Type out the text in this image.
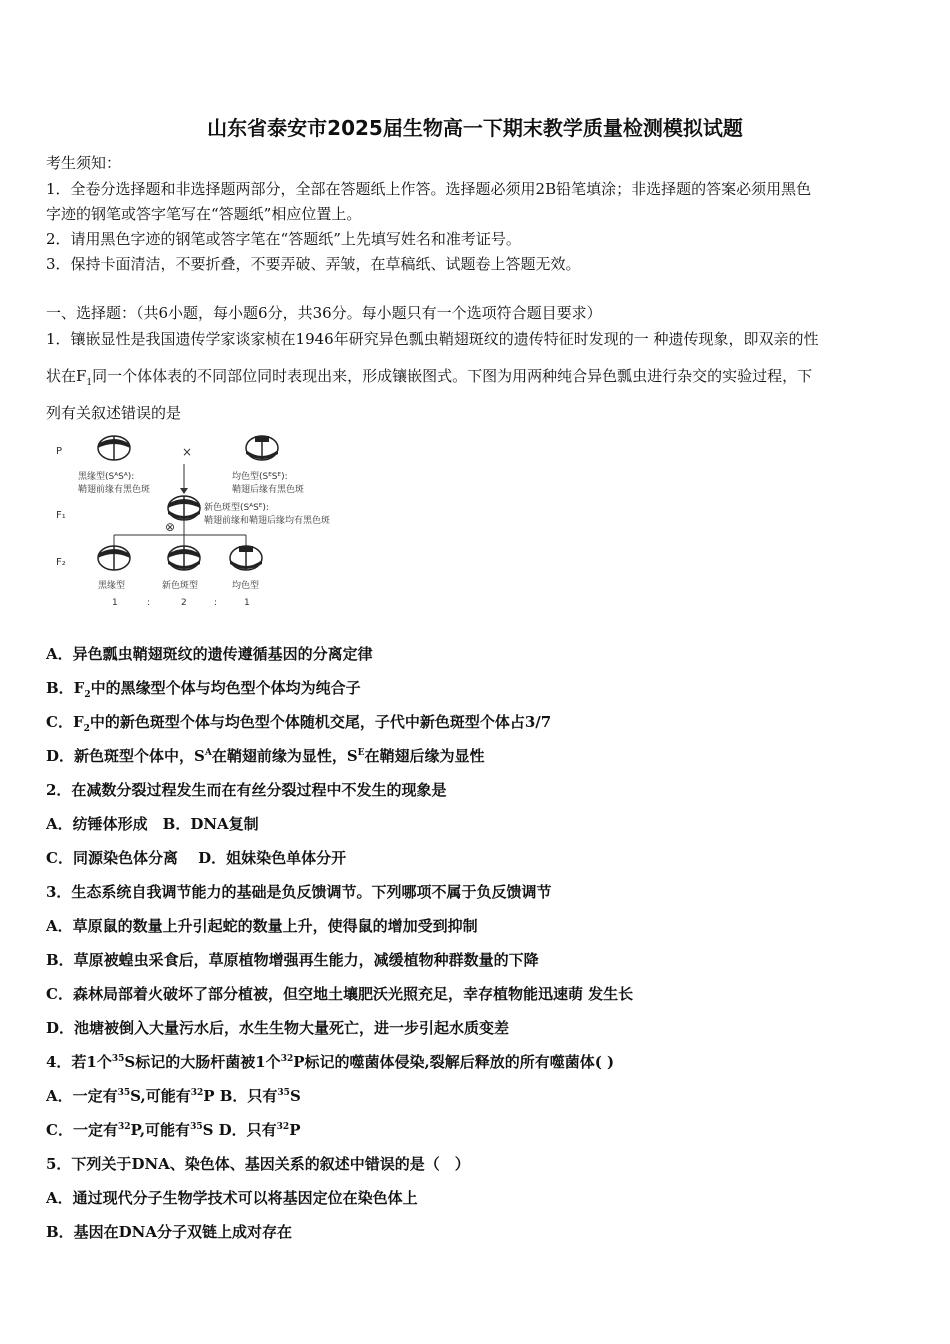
山东省泰安市2025届生物高一下期末教学质量检测模拟试题
考生须知：
1．全卷分选择题和非选择题两部分，全部在答题纸上作答。选择题必须用2B铅笔填涂；非选择题的答案必须用黑色
字迹的钢笔或答字笔写在“答题纸”相应位置上。
2．请用黑色字迹的钢笔或答字笔在“答题纸”上先填写姓名和准考证号。
3．保持卡面清洁，不要折叠，不要弄破、弄皱，在草稿纸、试题卷上答题无效。
一、选择题：（共6小题，每小题6分，共36分。每小题只有一个选项符合题目要求）
1．镶嵌显性是我国遗传学家谈家桢在1946年研究异色瓢虫鞘翅斑纹的遗传特征时发现的一 种遗传现象，即双亲的性
状在$F_1$同一个体体表的不同部位同时表现出来，形成镶嵌图式。下图为用两种纯合异色瓢虫进行杂交的实验过程，下
列有关叙述错误的是
P
F₁
F₂
×
黑缘型(SᴬSᴬ):
鞘翅前缘有黑色斑
均色型(SᴱSᴱ):
鞘翅后缘有黑色斑
新色斑型(SᴬSᴱ):
鞘翅前缘和鞘翅后缘均有黑色斑
⊗
黑缘型	新色斑型	均色型
1	:	2	:	1
A．异色瓢虫鞘翅斑纹的遗传遵循基因的分离定律
B．$F_2$中的黑缘型个体与均色型个体均为纯合子
C．$F_2$中的新色斑型个体与均色型个体随机交尾，子代中新色斑型个体占3/7
D．新色斑型个体中，$S^A$在鞘翅前缘为显性，$S^E$在鞘翅后缘为显性
2．在减数分裂过程发生而在有丝分裂过程中不发生的现象是
A．纺锤体形成　B．DNA复制
C．同源染色体分离　 D．姐妹染色单体分开
3．生态系统自我调节能力的基础是负反馈调节。下列哪项不属于负反馈调节
A．草原鼠的数量上升引起蛇的数量上升，使得鼠的增加受到抑制
B．草原被蝗虫采食后，草原植物增强再生能力，减缓植物种群数量的下降
C．森林局部着火破坏了部分植被，但空地土壤肥沃光照充足，幸存植物能迅速萌 发生长
D．池塘被倒入大量污水后，水生生物大量死亡，进一步引起水质变差
4．若1个$^{35}$S标记的大肠杆菌被1个$^{32}$P标记的噬菌体侵染,裂解后释放的所有噬菌体( )
A．一定有$^{35}$S,可能有$^{32}$P B．只有$^{35}$S
C．一定有$^{32}$P,可能有$^{35}$S D．只有$^{32}$P
5．下列关于DNA、染色体、基因关系的叙述中错误的是（　）
A．通过现代分子生物学技术可以将基因定位在染色体上
B．基因在DNA分子双链上成对存在
